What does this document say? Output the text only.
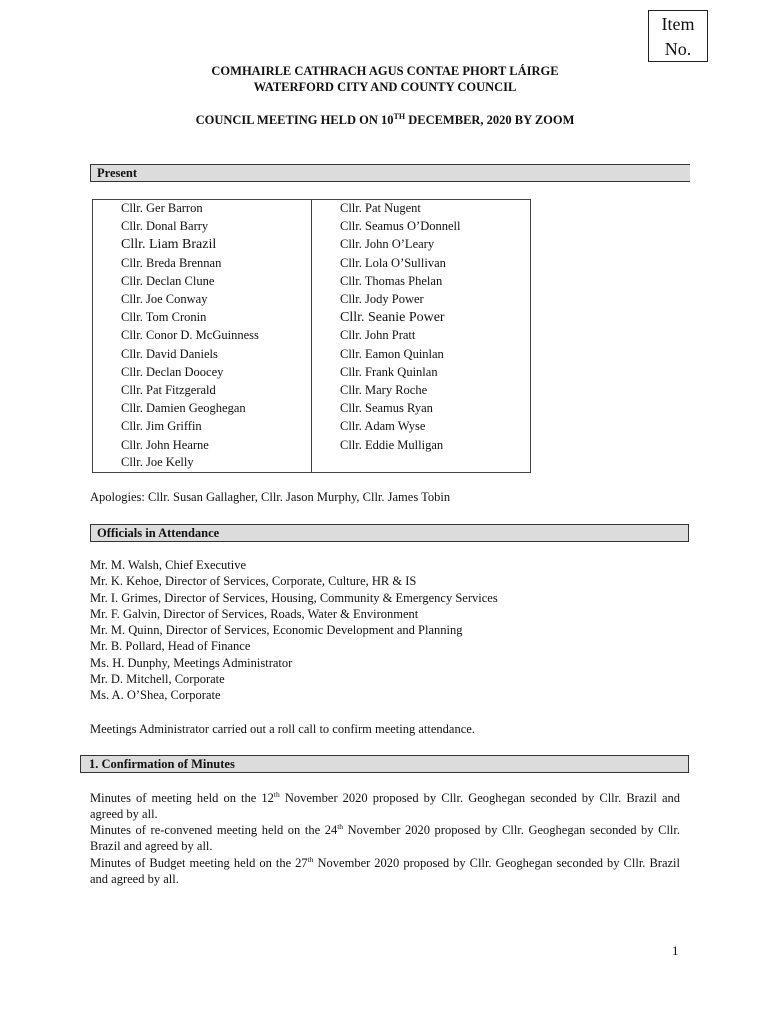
Item
No.
COMHAIRLE CATHRACH AGUS CONTAE PHORT LÁIRGE
WATERFORD CITY AND COUNTY COUNCIL
COUNCIL MEETING HELD ON 10TH DECEMBER, 2020 BY ZOOM
Present
Cllr. Ger Barron	Cllr. Pat Nugent
Cllr. Donal Barry	Cllr. Seamus O’Donnell
Cllr. Liam Brazil	Cllr. John O’Leary
Cllr. Breda Brennan	Cllr. Lola O’Sullivan
Cllr. Declan Clune	Cllr. Thomas Phelan
Cllr. Joe Conway	Cllr. Jody Power
Cllr. Tom Cronin	Cllr. Seanie Power
Cllr. Conor D. McGuinness	Cllr. John Pratt
Cllr. David Daniels	Cllr. Eamon Quinlan
Cllr. Declan Doocey	Cllr. Frank Quinlan
Cllr. Pat Fitzgerald	Cllr. Mary Roche
Cllr. Damien Geoghegan	Cllr. Seamus Ryan
Cllr. Jim Griffin	Cllr. Adam Wyse
Cllr. John Hearne	Cllr. Eddie Mulligan
Cllr. Joe Kelly	
Apologies: Cllr. Susan Gallagher, Cllr. Jason Murphy, Cllr. James Tobin
Officials in Attendance
Mr. M. Walsh, Chief Executive
Mr. K. Kehoe, Director of Services, Corporate, Culture, HR & IS
Mr. I. Grimes, Director of Services, Housing, Community & Emergency Services
Mr. F. Galvin, Director of Services, Roads, Water & Environment
Mr. M. Quinn, Director of Services, Economic Development and Planning
Mr. B. Pollard, Head of Finance
Ms. H. Dunphy, Meetings Administrator
Mr. D. Mitchell, Corporate
Ms. A. O’Shea, Corporate
Meetings Administrator carried out a roll call to confirm meeting attendance.
1. Confirmation of Minutes
Minutes of meeting held on the 12th November 2020 proposed by Cllr. Geoghegan seconded by Cllr. Brazil and agreed by all.
Minutes of re-convened meeting held on the 24th November 2020 proposed by Cllr. Geoghegan seconded by Cllr. Brazil and agreed by all.
Minutes of Budget meeting held on the 27th November 2020 proposed by Cllr. Geoghegan seconded by Cllr. Brazil and agreed by all.
1
